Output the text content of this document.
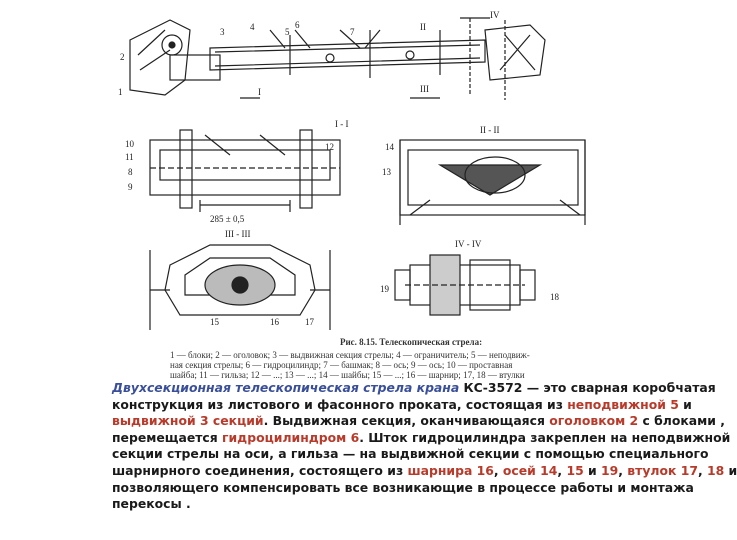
I - I
II - II
III - III
IV - IV
I
II
III
IV
285 ± 0,5
1
2
3	4	5
6
7
8
9
10
11
12
13
14
15	16	17
18
19
Рис. 8.15. Телескопическая стрела:
1 — блоки; 2 — оголовок; 3 — выдвижная секция стрелы; 4 — ограничитель; 5 — неподвиж-
ная секция стрелы; 6 — гидроцилиндр; 7 — башмак; 8 — ось; 9 — ось; 10 — проставная
шайба; 11 — гильза; 12 — ...; 13 — ...; 14 — шайбы; 15 — ...; 16 — шарнир; 17, 18 — втулки
Двухсекционная телескопическая стрела крана КС-3572 — это сварная коробчатая
конструкция из листового и фасонного проката, состоящая из неподвижной 5 и
выдвижной 3 секций. Выдвижная секция, оканчивающаяся оголовком 2 с блоками ,
перемещается гидроцилиндром 6. Шток гидроцилиндра закреплен на неподвижной
секции стрелы на оси, а гильза — на выдвижной секции с помощью специального
шарнирного соединения, состоящего из шарнира 16, осей 14, 15 и 19, втулок 17, 18 и
позволяющего компенсировать все возникающие в процессе работы и монтажа
перекосы .
